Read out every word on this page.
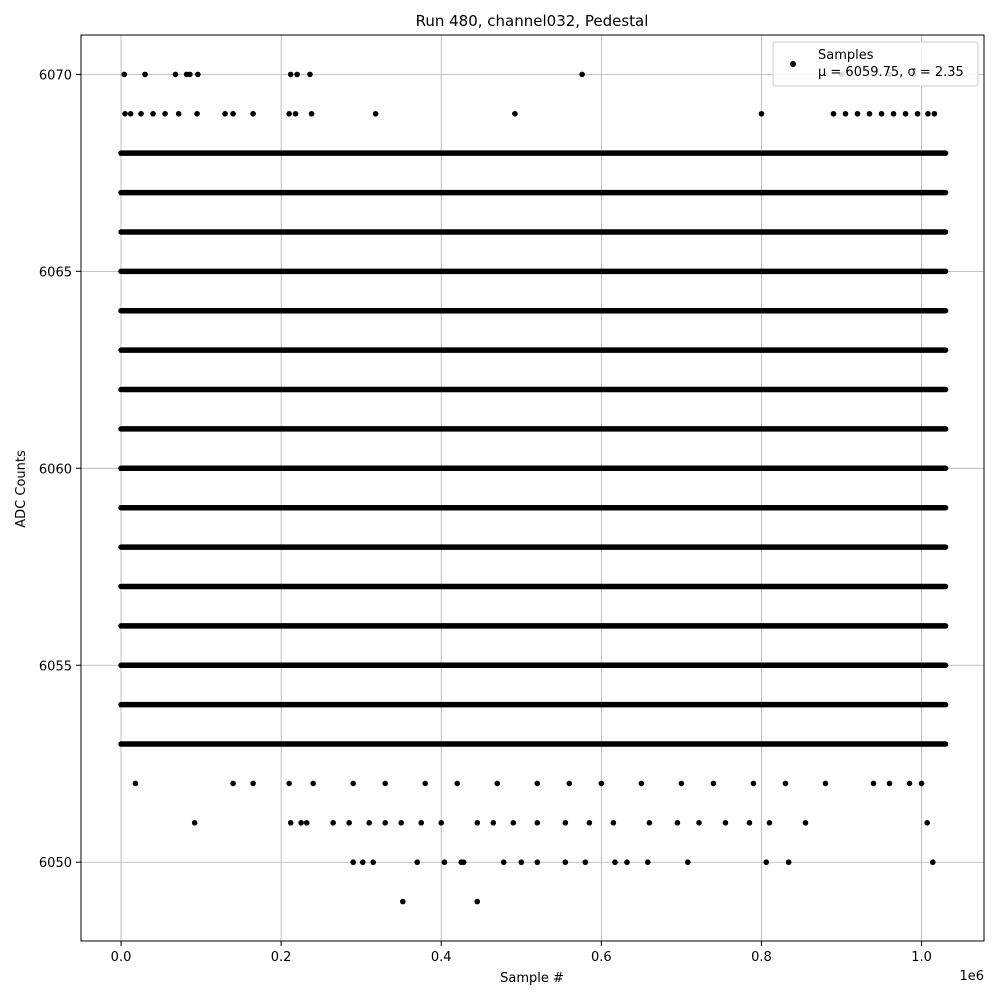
0.0	0.2	0.4	0.6	0.8	1.0
6050
6055
6060
6065
6070
Run 480, channel032, Pedestal
Sample #
ADC Counts
1e6
Samples
μ = 6059.75, σ = 2.35
